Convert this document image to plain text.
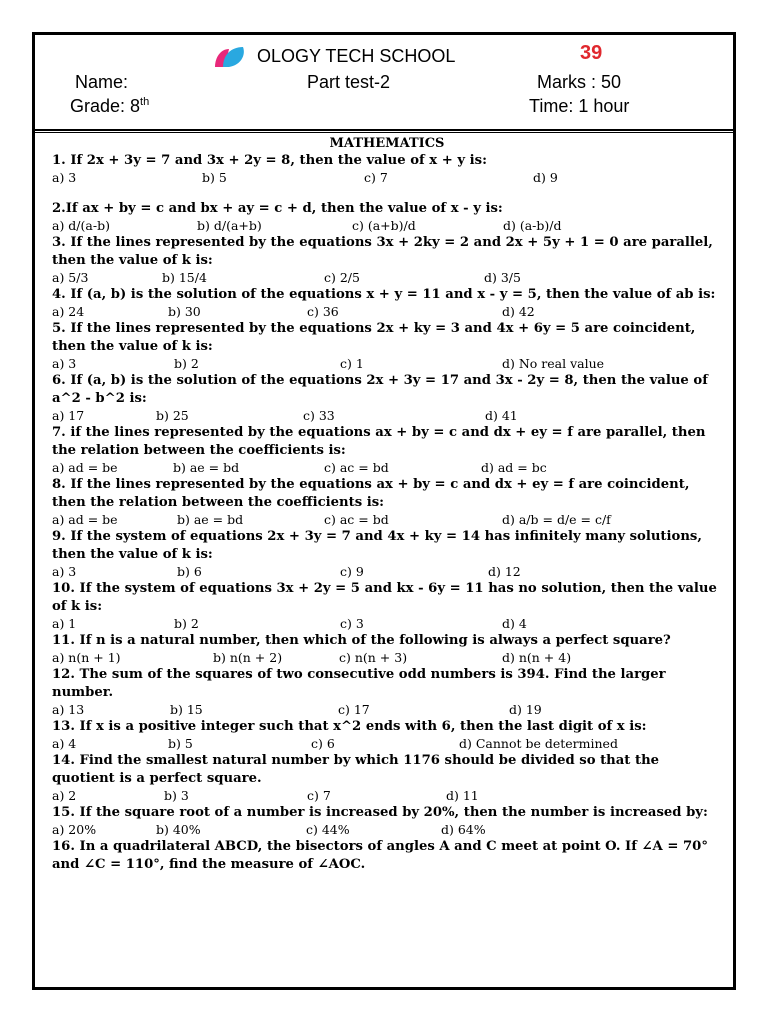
OLOGY TECH SCHOOL	39
Name:	Part test-2	Marks : 50
Grade: 8th	Time: 1 hour
MATHEMATICS
1. If 2x + 3y = 7 and 3x + 2y = 8, then the value of x + y is:
a) 3	b) 5	c) 7	d) 9
2.If ax + by = c and bx + ay = c + d, then the value of x - y is:
a) d/(a-b)	b) d/(a+b)	c) (a+b)/d	d) (a-b)/d
3. If the lines represented by the equations 3x + 2ky = 2 and 2x + 5y + 1 = 0 are parallel, then the value of k is:
a) 5/3	b) 15/4	c) 2/5	d) 3/5
4. If (a, b) is the solution of the equations x + y = 11 and x - y = 5, then the value of ab is:
a) 24	b) 30	c) 36	d) 42
5. If the lines represented by the equations 2x + ky = 3 and 4x + 6y = 5 are coincident, then the value of k is:
a) 3	b) 2	c) 1	d) No real value
6. If (a, b) is the solution of the equations 2x + 3y = 17 and 3x - 2y = 8, then the value of a^2 - b^2 is:
a) 17	b) 25	c) 33	d) 41
7. if the lines represented by the equations ax + by = c and dx + ey = f are parallel, then the relation between the coefficients is:
a) ad = be	b) ae = bd	c) ac = bd	d) ad = bc
8. If the lines represented by the equations ax + by = c and dx + ey = f are coincident, then the relation between the coefficients is:
a) ad = be	b) ae = bd	c) ac = bd	d) a/b = d/e = c/f
9. If the system of equations 2x + 3y = 7 and 4x + ky = 14 has infinitely many solutions, then the value of k is:
a) 3	b) 6	c) 9	d) 12
10. If the system of equations 3x + 2y = 5 and kx - 6y = 11 has no solution, then the value of k is:
a) 1	b) 2	c) 3	d) 4
11. If n is a natural number, then which of the following is always a perfect square?
a) n(n + 1)	b) n(n + 2)	c) n(n + 3)	d) n(n + 4)
12. The sum of the squares of two consecutive odd numbers is 394. Find the larger number.
a) 13	b) 15	c) 17	d) 19
13. If x is a positive integer such that x^2 ends with 6, then the last digit of x is:
a) 4	b) 5	c) 6	d) Cannot be determined
14. Find the smallest natural number by which 1176 should be divided so that the quotient is a perfect square.
a) 2	b) 3	c) 7	d) 11
15. If the square root of a number is increased by 20%, then the number is increased by:
a) 20%	b) 40%	c) 44%	d) 64%
16. In a quadrilateral ABCD, the bisectors of angles A and C meet at point O. If ∠A = 70° and ∠C = 110°, find the measure of ∠AOC.
